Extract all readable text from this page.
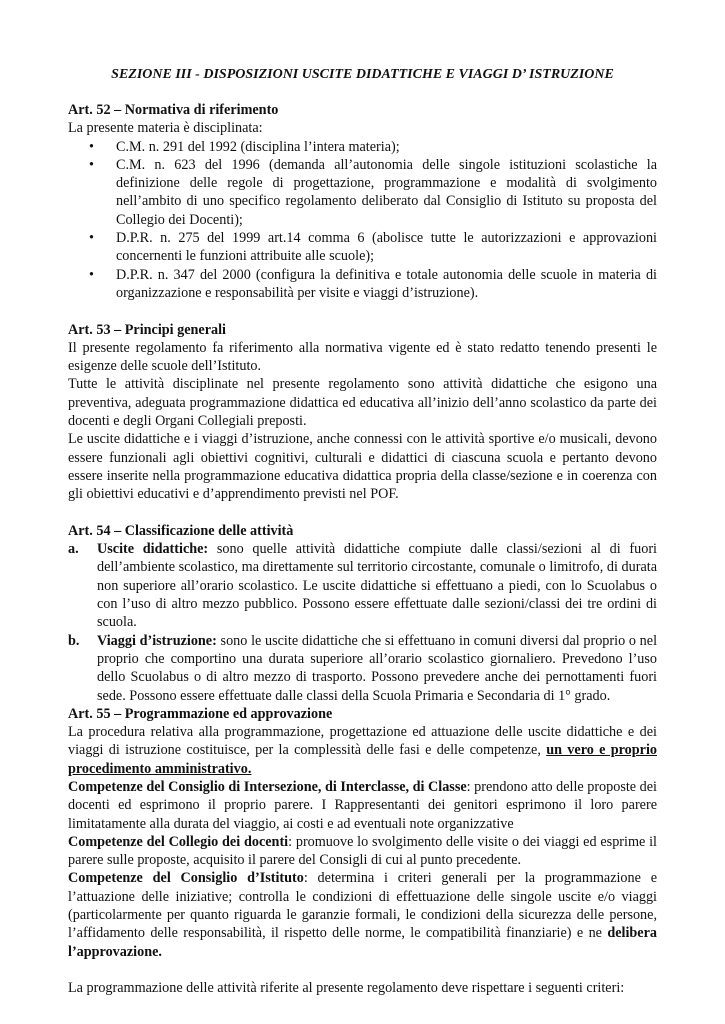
SEZIONE III - DISPOSIZIONI USCITE DIDATTICHE E VIAGGI D’ ISTRUZIONE

Art. 52 – Normativa di riferimento

La presente materia è disciplinata:

• C.M. n. 291 del 1992 (disciplina l’intera materia);
• C.M. n. 623 del 1996 (demanda all’autonomia delle singole istituzioni scolastiche la definizione delle regole di progettazione, programmazione e modalità di svolgimento nell’ambito di uno specifico regolamento deliberato dal Consiglio di Istituto su proposta del Collegio dei Docenti);
• D.P.R. n. 275 del 1999 art.14 comma 6 (abolisce tutte le autorizzazioni e approvazioni concernenti le funzioni attribuite alle scuole);
• D.P.R. n. 347 del 2000 (configura la definitiva e totale autonomia delle scuole in materia di organizzazione e responsabilità per visite e viaggi d’istruzione).

Art. 53 – Principi generali

Il presente regolamento fa riferimento alla normativa vigente ed è stato redatto tenendo presenti le esigenze delle scuole dell’Istituto.

Tutte le attività disciplinate nel presente regolamento sono attività didattiche che esigono una preventiva, adeguata programmazione didattica ed educativa all’inizio dell’anno scolastico da parte dei docenti e degli Organi Collegiali preposti.

Le uscite didattiche e i viaggi d’istruzione, anche connessi con le attività sportive e/o musicali, devono essere funzionali agli obiettivi cognitivi, culturali e didattici di ciascuna scuola e pertanto devono essere inserite nella programmazione educativa didattica propria della classe/sezione e in coerenza con gli obiettivi educativi e d’apprendimento previsti nel POF.

Art. 54 – Classificazione delle attività

a. Uscite didattiche: sono quelle attività didattiche compiute dalle classi/sezioni al di fuori dell’ambiente scolastico, ma direttamente sul territorio circostante, comunale o limitrofo, di durata non superiore all’orario scolastico. Le uscite didattiche si effettuano a piedi, con lo Scuolabus o con l’uso di altro mezzo pubblico. Possono essere effettuate dalle sezioni/classi dei tre ordini di scuola.

b. Viaggi d’istruzione: sono le uscite didattiche che si effettuano in comuni diversi dal proprio o nel proprio che comportino una durata superiore all’orario scolastico giornaliero. Prevedono l’uso dello Scuolabus o di altro mezzo di trasporto. Possono prevedere anche dei pernottamenti fuori sede. Possono essere effettuate dalle classi della Scuola Primaria e Secondaria di 1° grado.

Art. 55 – Programmazione ed approvazione

La procedura relativa alla programmazione, progettazione ed attuazione delle uscite didattiche e dei viaggi di istruzione costituisce, per la complessità delle fasi e delle competenze, un vero e proprio procedimento amministrativo.

Competenze del Consiglio di Intersezione, di Interclasse, di Classe: prendono atto delle proposte dei docenti ed esprimono il proprio parere. I Rappresentanti dei genitori esprimono il loro parere limitatamente alla durata del viaggio, ai costi e ad eventuali note organizzative

Competenze del Collegio dei docenti: promuove lo svolgimento delle visite o dei viaggi ed esprime il parere sulle proposte, acquisito il parere del Consigli di cui al punto precedente.

Competenze del Consiglio d’Istituto: determina i criteri generali per la programmazione e l’attuazione delle iniziative; controlla le condizioni di effettuazione delle singole uscite e/o viaggi (particolarmente per quanto riguarda le garanzie formali, le condizioni della sicurezza delle persone, l’affidamento delle responsabilità, il rispetto delle norme, le compatibilità finanziarie) e ne delibera l’approvazione.

La programmazione delle attività riferite al presente regolamento deve rispettare i seguenti criteri:
